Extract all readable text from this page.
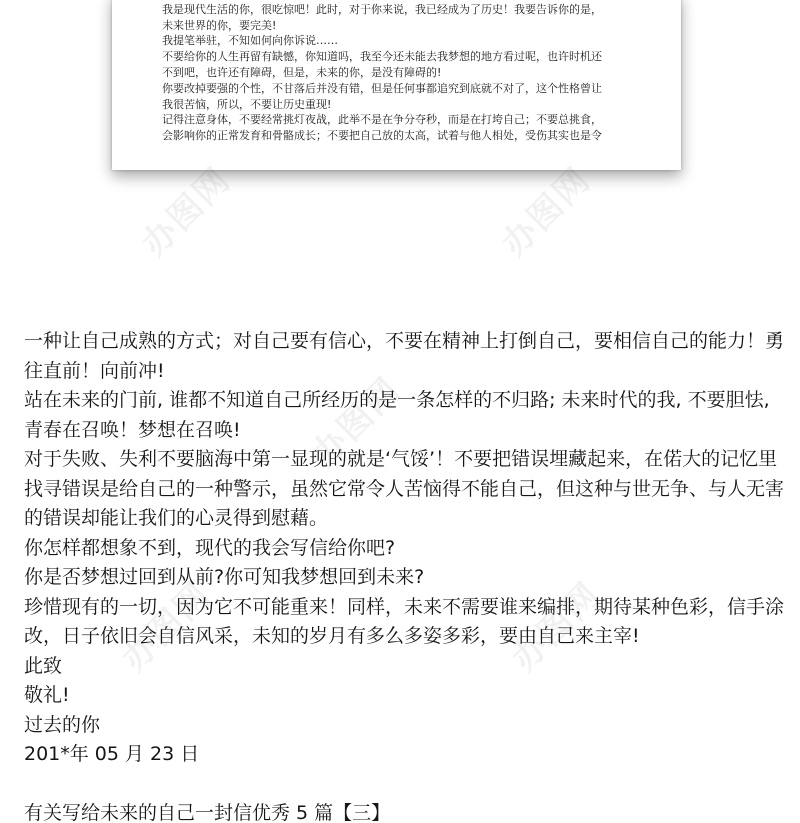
我是现代生活的你，很吃惊吧！此时，对于你来说，我已经成为了历史！我要告诉你的是，
未来世界的你，要完美!
我提笔举驻，不知如何向你诉说……
不要给你的人生再留有缺憾，你知道吗，我至今还未能去我梦想的地方看过呢，也许时机还
不到吧，也许还有障碍，但是，未来的你，是没有障碍的!
你要改掉要强的个性，不甘落后并没有错，但是任何事都追究到底就不对了，这个性格曾让
我很苦恼，所以，不要让历史重现!
记得注意身体，不要经常挑灯夜战，此举不是在争分夺秒，而是在打垮自己；不要总挑食，
会影响你的正常发育和骨骼成长；不要把自己放的太高，试着与他人相处，受伤其实也是令
办图网	办图网
办图网
办图网	办图网
一种让自己成熟的方式；对自己要有信心，不要在精神上打倒自己，要相信自己的能力！勇
往直前！向前冲!
站在未来的门前, 谁都不知道自己所经历的是一条怎样的不归路; 未来时代的我, 不要胆怯,
青春在召唤！梦想在召唤!
对于失败、失利不要脑海中第一显现的就是‘气馁’！不要把错误埋藏起来，在偌大的记忆里
找寻错误是给自己的一种警示，虽然它常令人苦恼得不能自己，但这种与世无争、与人无害
的错误却能让我们的心灵得到慰藉。
你怎样都想象不到，现代的我会写信给你吧?
你是否梦想过回到从前?你可知我梦想回到未来?
珍惜现有的一切，因为它不可能重来！同样，未来不需要谁来编排，期待某种色彩，信手涂
改，日子依旧会自信风采，未知的岁月有多么多姿多彩，要由自己来主宰!
此致
敬礼!
过去的你
201*年 05 月 23 日
有关写给未来的自己一封信优秀 5 篇【三】
